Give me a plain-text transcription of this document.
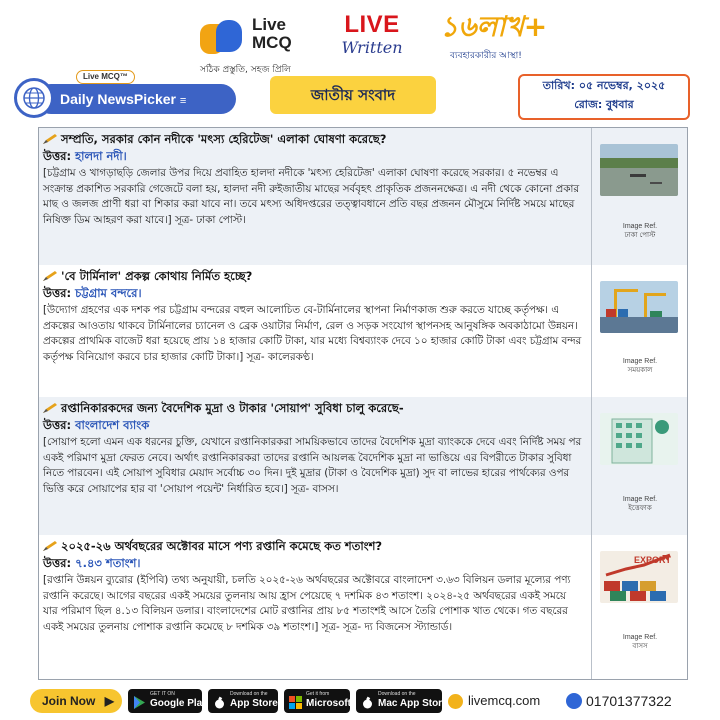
Live
MCQ
সঠিক প্রস্তুতি, সহজ প্রিলি
LIVE
Written
১৬লাখ+
ব্যবহারকারীর আস্থা!
Daily NewsPicker ≡
Live MCQ™
জাতীয় সংবাদ
তারিখ: ০৫ নভেম্বর, ২০২৫
রোজ: বুধবার

সম্প্রতি, সরকার কোন নদীকে 'মৎস্য হেরিটেজ' এলাকা ঘোষণা করেছে?

উত্তর: হালদা নদী।

[চট্টগ্রাম ও খাগড়াছড়ি জেলার উপর দিয়ে প্রবাহিত হালদা নদীকে 'মৎস্য হেরিটেজ' এলাকা ঘোষণা করেছে সরকার। ৫ নভেম্বর এ সংক্রান্ত প্রকাশিত সরকারি গেজেটে বলা হয়, হালদা নদী রুইজাতীয় মাছের সর্ববৃহৎ প্রাকৃতিক প্রজননক্ষেত্র। এ নদী থেকে কোনো প্রকার মাছ ও জলজ প্রাণী ধরা বা শিকার করা যাবে না। তবে মৎস্য অধিদপ্তরের তত্ত্বাবধানে প্রতি বছর প্রজনন মৌসুমে নির্দিষ্ট সময়ে মাছের নিষিক্ত ডিম আহরণ করা যাবে।] সূত্র- ঢাকা পোস্ট।

Image Ref.
ঢাকা পোস্ট

'বে টার্মিনাল' প্রকল্প কোথায় নির্মিত হচ্ছে?

উত্তর: চট্টগ্রাম বন্দরে।

[উদ্যোগ গ্রহণের এক দশক পর চট্টগ্রাম বন্দরের বহুল আলোচিত বে-টার্মিনালের স্থাপনা নির্মাণকাজ শুরু করতে যাচ্ছে কর্তৃপক্ষ। এ প্রকল্পের আওতায় থাকবে টার্মিনালের চ্যানেল ও ব্রেক ওয়াটার নির্মাণ, রেল ও সড়ক সংযোগ স্থাপনসহ আনুষঙ্গিক অবকাঠামো উন্নয়ন। প্রকল্পের প্রাথমিক বাজেট ধরা হয়েছে প্রায় ১৪ হাজার কোটি টাকা, যার মধ্যে বিশ্বব্যাংক দেবে ১০ হাজার কোটি টাকা এবং চট্টগ্রাম বন্দর কর্তৃপক্ষ বিনিয়োগ করবে চার হাজার কোটি টাকা।] সূত্র- কালেরকণ্ঠ।	Image Ref.
সময়কাল

রপ্তানিকারকদের জন্য বৈদেশিক মুদ্রা ও টাকার 'সোয়াপ' সুবিধা চালু করেছে-

উত্তর: বাংলাদেশ ব্যাংক

[সোয়াপ হলো এমন এক ধরনের চুক্তি, যেখানে রপ্তানিকারকরা সাময়িকভাবে তাদের বৈদেশিক মুদ্রা ব্যাংককে দেবে এবং নির্দিষ্ট সময় পর একই পরিমাণ মুদ্রা ফেরত নেবে। অর্থাৎ রপ্তানিকারকরা তাদের রপ্তানি আয়লব্ধ বৈদেশিক মুদ্রা না ভাঙিয়ে এর বিপরীতে টাকার সুবিধা নিতে পারবেন। এই সোয়াপ সুবিধার মেয়াদ সর্বোচ্চ ৩০ দিন। দুই মুদ্রার (টাকা ও বৈদেশিক মুদ্রা) সুদ বা লাভের হারের পার্থক্যের ওপর ভিত্তি করে সোয়াপের হার বা 'সোয়াপ পয়েন্ট' নির্ধারিত হবে।] সূত্র- বাসস।

Image Ref.
ইত্তেফাক

২০২৫-২৬ অর্থবছরের অক্টোবর মাসে পণ্য রপ্তানি কমেছে কত শতাংশ?

উত্তর: ৭.৪৩ শতাংশ।

[রপ্তানি উন্নয়ন ব্যুরোর (ইপিবি) তথ্য অনুযায়ী, চলতি ২০২৫-২৬ অর্থবছরের অক্টোবরে বাংলাদেশ ৩.৬৩ বিলিয়ন ডলার মূল্যের পণ্য রপ্তানি করেছে। আগের বছরের একই সময়ের তুলনায় আয় হ্রাস পেয়েছে ৭ দশমিক ৪৩ শতাংশ। ২০২৪-২৫ অর্থবছরের একই সময়ে যার পরিমাণ ছিল ৪.১৩ বিলিয়ন ডলার। বাংলাদেশের মোট রপ্তানির প্রায় ৮৫ শতাংশই আসে তৈরি পোশাক খাত থেকে। গত বছরের একই সময়ের তুলনায় পোশাক রপ্তানি কমেছে ৮ দশমিক ৩৯ শতাংশ।] সূত্র- সূত্র- দ্য বিজনেস স্ট্যান্ডার্ড।

EXPORT
Image Ref.
বাসস
Join Now ▶	GET IT ON
Google Play
Download on the
App Store
Get it from
Microsoft
Download on the
Mac App Store	livemcq.com	01701377322
